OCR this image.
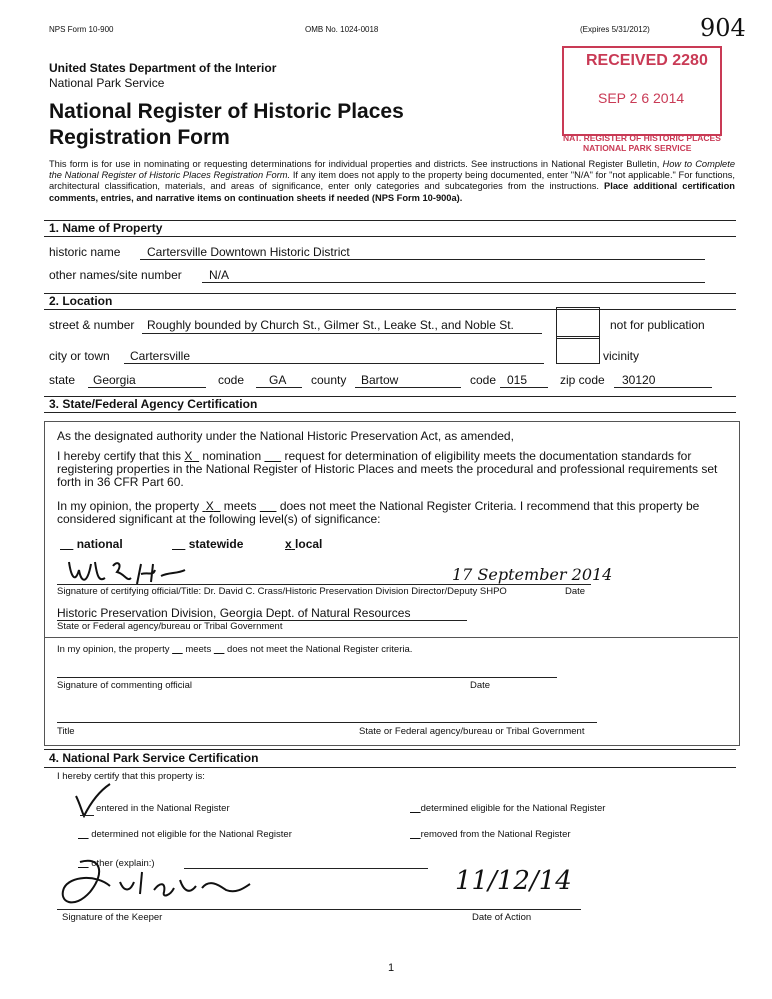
NPS Form 10-900	OMB No. 1024-0018	(Expires 5/31/2012) 904
United States Department of the Interior
National Park Service
National Register of Historic Places
Registration Form
RECEIVED 2280
SEP 2 6 2014
NAT. REGISTER OF HISTORIC PLACES
NATIONAL PARK SERVICE
This form is for use in nominating or requesting determinations for individual properties and districts. See instructions in National Register Bulletin, How to Complete the National Register of Historic Places Registration Form. If any item does not apply to the property being documented, enter "N/A" for "not applicable." For functions, architectural classification, materials, and areas of significance, enter only categories and subcategories from the instructions. Place additional certification comments, entries, and narrative items on continuation sheets if needed (NPS Form 10-900a).
1. Name of Property
historic name Cartersville Downtown Historic District
other names/site number N/A
2. Location
street & number Roughly bounded by Church St., Gilmer St., Leake St., and Noble St.	not for publication
city or town Cartersville	vicinity
state Georgia	code GA county Bartow	code 015	zip code 30120
3. State/Federal Agency Certification
As the designated authority under the National Historic Preservation Act, as amended,
I hereby certify that this X   nomination       request for determination of eligibility meets the documentation standards for registering properties in the National Register of Historic Places and meets the procedural and professional requirements set forth in 36 CFR Part 60.
In my opinion, the property  X   meets       does not meet the National Register Criteria. I recommend that this property be considered significant at the following level(s) of significance:
national	statewide	x local
17 September 2014
Signature of certifying official/Title: Dr. David C. Crass/Historic Preservation Division Director/Deputy SHPO	Date
Historic Preservation Division, Georgia Dept. of Natural Resources
State or Federal agency/bureau or Tribal Government
In my opinion, the property      meets      does not meet the National Register criteria.
Signature of commenting official	Date
Title	State or Federal agency/bureau or Tribal Government
4. National Park Service Certification
I hereby certify that this property is:
entered in the National Register	determined eligible for the National Register
determined not eligible for the National Register	removed from the National Register
other (explain:)
11/12/14
Signature of the Keeper	Date of Action
1
